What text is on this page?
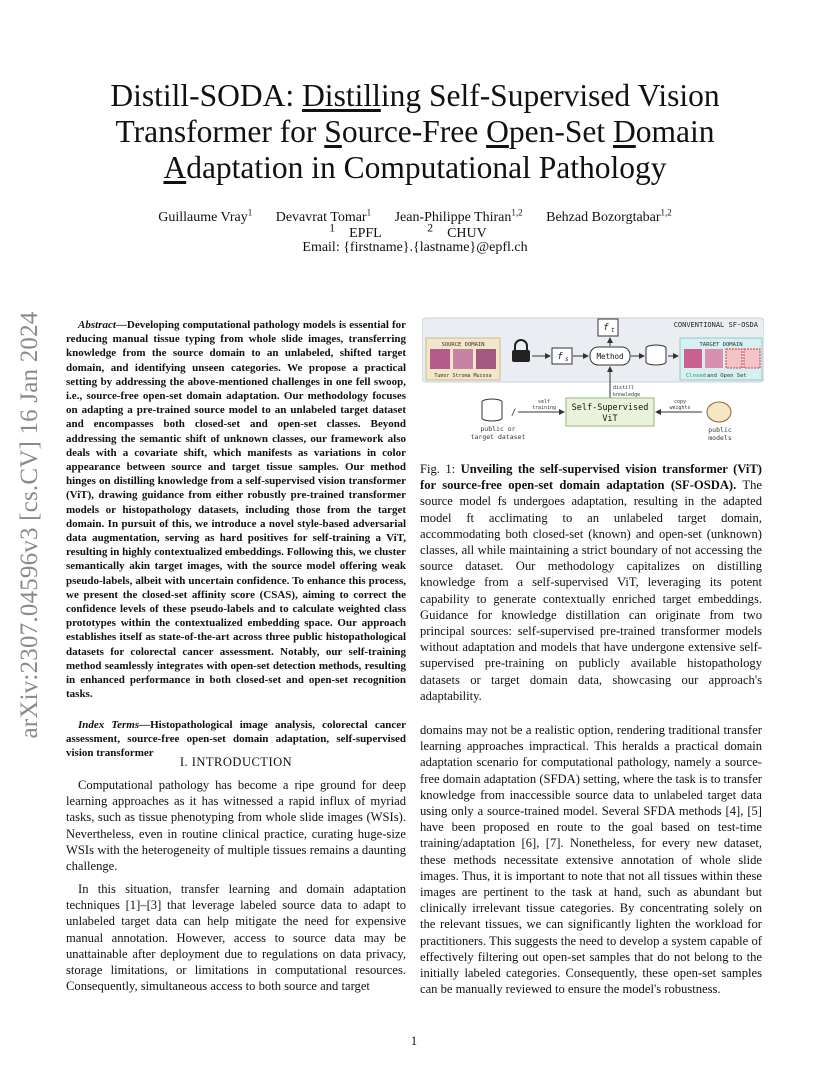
arXiv:2307.04596v3 [cs.CV] 16 Jan 2024
Distill-SODA: Distilling Self-Supervised Vision
Transformer for Source-Free Open-Set Domain
Adaptation in Computational Pathology
Guillaume Vray$^1$ Devavrat Tomar$^1$ Jean-Philippe Thiran$^{1,2}$ Behzad Bozorgtabar$^{1,2}$
$^1$ EPFL	$^2$ CHUV
Email: {firstname}.{lastname}@epfl.ch
Abstract—Developing computational pathology models is essential for reducing manual tissue typing from whole slide images, transferring knowledge from the source domain to an unlabeled, shifted target domain, and identifying unseen categories. We propose a practical setting by addressing the above-mentioned challenges in one fell swoop, i.e., source-free open-set domain adaptation. Our methodology focuses on adapting a pre-trained source model to an unlabeled target dataset and encompasses both closed-set and open-set classes. Beyond addressing the semantic shift of unknown classes, our framework also deals with a covariate shift, which manifests as variations in color appearance between source and target tissue samples. Our method hinges on distilling knowledge from a self-supervised vision transformer (ViT), drawing guidance from either robustly pre-trained transformer models or histopathology datasets, including those from the target domain. In pursuit of this, we introduce a novel style-based adversarial data augmentation, serving as hard positives for self-training a ViT, resulting in highly contextualized embeddings. Following this, we cluster semantically akin target images, with the source model offering weak pseudo-labels, albeit with uncertain confidence. To enhance this process, we present the closed-set affinity score (CSAS), aiming to correct the confidence levels of these pseudo-labels and to calculate weighted class prototypes within the contextualized embedding space. Our approach establishes itself as state-of-the-art across three public histopathological datasets for colorectal cancer assessment. Notably, our self-training method seamlessly integrates with open-set detection methods, resulting in enhanced performance in both closed-set and open-set recognition tasks.
Index Terms—Histopathological image analysis, colorectal cancer assessment, source-free open-set domain adaptation, self-supervised vision transformer
I. INTRODUCTION

Computational pathology has become a ripe ground for deep learning approaches as it has witnessed a rapid influx of myriad tasks, such as tissue phenotyping from whole slide images (WSIs). Nevertheless, even in routine clinical practice, curating huge-size WSIs with the heterogeneity of multiple tissues remains a daunting challenge.

In this situation, transfer learning and domain adaptation techniques [1]–[3] that leverage labeled source data to adapt to unlabeled target data can help mitigate the need for expensive manual annotation. However, access to source data may be unattainable after deployment due to regulations on data privacy, storage limitations, or limitations in computational resources. Consequently, simultaneous access to both source and target

CONVENTIONAL SF-OSDA
SOURCE DOMAIN
Tumor Stroma Mucosa
f s	Method
f t
TARGET DOMAIN
Closed and Open Set
distill
knowledge
Self-Supervised
ViT
/
self
training
public or
target dataset
copy
weights
public
models
Fig. 1: Unveiling the self-supervised vision transformer (ViT) for source-free open-set domain adaptation (SF-OSDA). The source model fs undergoes adaptation, resulting in the adapted model ft acclimating to an unlabeled target domain, accommodating both closed-set (known) and open-set (unknown) classes, all while maintaining a strict boundary of not accessing the source dataset. Our methodology capitalizes on distilling knowledge from a self-supervised ViT, leveraging its potent capability to generate contextually enriched target embeddings. Guidance for knowledge distillation can originate from two principal sources: self-supervised pre-trained transformer models without adaptation and models that have undergone extensive self-supervised pre-training on publicly available histopathology datasets or target domain data, showcasing our approach's adaptability.
domains may not be a realistic option, rendering traditional transfer learning approaches impractical. This heralds a practical domain adaptation scenario for computational pathology, namely a source-free domain adaptation (SFDA) setting, where the task is to transfer knowledge from inaccessible source data to unlabeled target data using only a source-trained model. Several SFDA methods [4], [5] have been proposed en route to the goal based on test-time training/adaptation [6], [7]. Nonetheless, for every new dataset, these methods necessitate extensive annotation of whole slide images. Thus, it is important to note that not all tissues within these images are pertinent to the task at hand, such as abundant but clinically irrelevant tissue categories. By concentrating solely on the relevant tissues, we can significantly lighten the workload for practitioners. This suggests the need to develop a system capable of effectively filtering out open-set samples that do not belong to the initially labeled categories. Consequently, these open-set samples can be manually reviewed to ensure the model's robustness.
1
